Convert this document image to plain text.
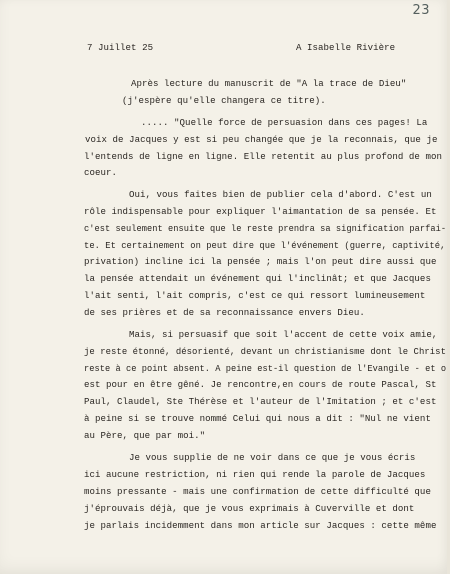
23
7 Juillet 25	A Isabelle Rivière
Après lecture du manuscrit de "A la trace de Dieu"
(j'espère qu'elle changera ce titre).
..... "Quelle force de persuasion dans ces pages! La
voix de Jacques y est si peu changée que je la reconnais, que je
l'entends de ligne en ligne. Elle retentit au plus profond de mon
coeur.
Oui, vous faites bien de publier cela d'abord. C'est un
rôle indispensable pour expliquer l'aimantation de sa pensée. Et
c'est seulement ensuite que le reste prendra sa signification parfai-
te. Et certainement on peut dire que l'événement (guerre, captivité,
privation) incline ici la pensée ; mais l'on peut dire aussi que
la pensée attendait un événement qui l'inclinât; et que Jacques
l'ait senti, l'ait compris, c'est ce qui ressort lumineusement
de ses prières et de sa reconnaissance envers Dieu.
Mais, si persuasif que soit l'accent de cette voix amie,
je reste étonné, désorienté, devant un christianisme dont le Christ
reste à ce point absent. A peine est-il question de l'Evangile - et o
est pour en être gêné. Je rencontre,en cours de route Pascal, St
Paul, Claudel, Ste Thérèse et l'auteur de l'Imitation ; et c'est
à peine si se trouve nommé Celui qui nous a dit : "Nul ne vient
au Père, que par moi."
Je vous supplie de ne voir dans ce que je vous écris
ici aucune restriction, ni rien qui rende la parole de Jacques
moins pressante - mais une confirmation de cette difficulté que
j'éprouvais déjà, que je vous exprimais à Cuverville et dont
je parlais incidemment dans mon article sur Jacques : cette même
